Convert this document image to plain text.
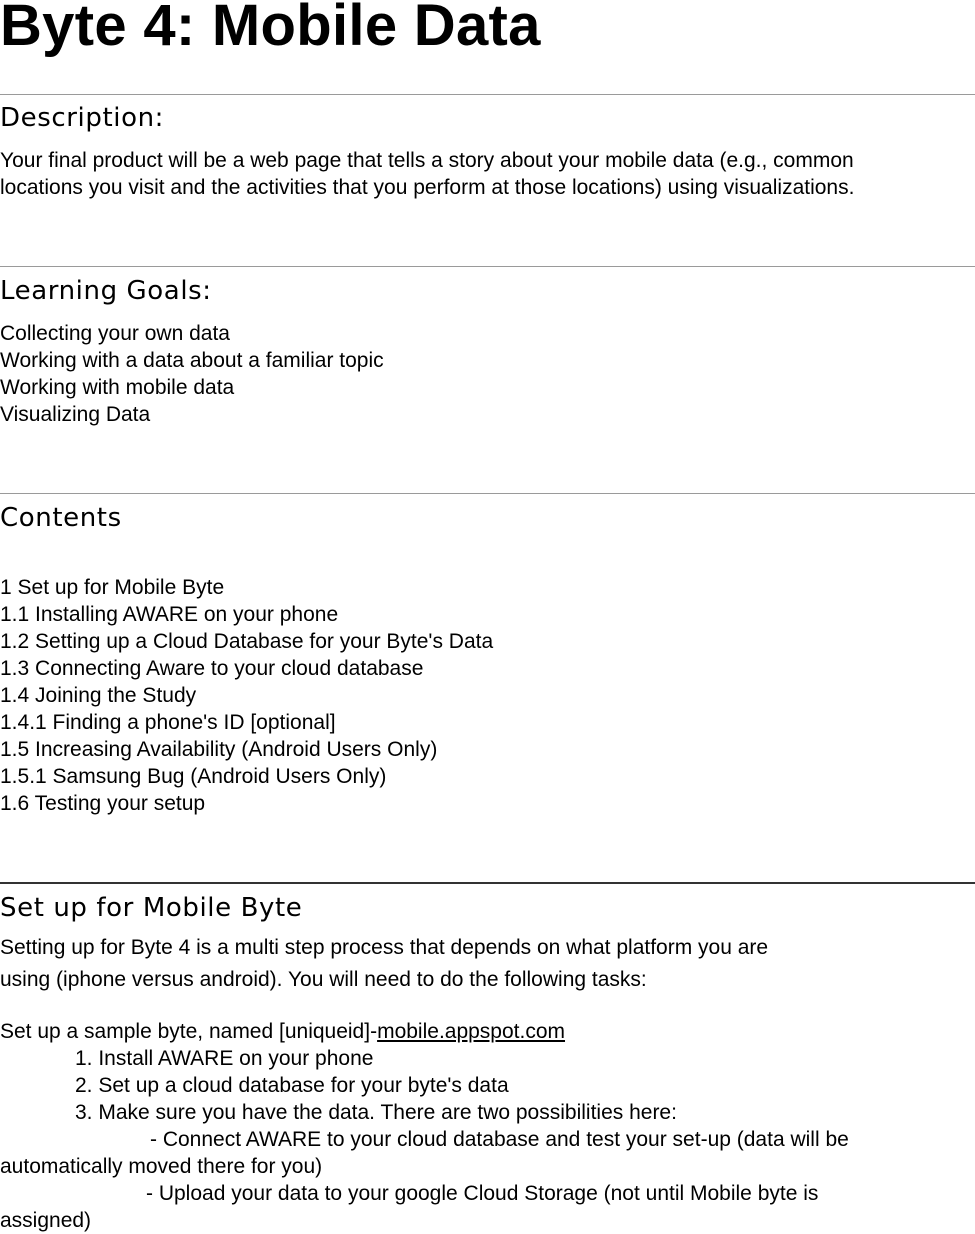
Byte 4: Mobile Data
Description:
Your final product will be a web page that tells a story about your mobile data (e.g., common
locations you visit and the activities that you perform at those locations) using visualizations.
Learning Goals:
Collecting your own data
Working with a data about a familiar topic
Working with mobile data
Visualizing Data
Contents
1 Set up for Mobile Byte
1.1 Installing AWARE on your phone
1.2 Setting up a Cloud Database for your Byte's Data
1.3 Connecting Aware to your cloud database
1.4 Joining the Study
1.4.1 Finding a phone's ID [optional]
1.5 Increasing Availability (Android Users Only)
1.5.1 Samsung Bug (Android Users Only)
1.6 Testing your setup
Set up for Mobile Byte
Setting up for Byte 4 is a multi step process that depends on what platform you are
using (iphone versus android). You will need to do the following tasks:
Set up a sample byte, named [uniqueid]-mobile.appspot.com
1. Install AWARE on your phone
2. Set up a cloud database for your byte's data
3. Make sure you have the data. There are two possibilities here:
- Connect AWARE to your cloud database and test your set-up (data will be
automatically moved there for you)
- Upload your data to your google Cloud Storage (not until Mobile byte is
assigned)
